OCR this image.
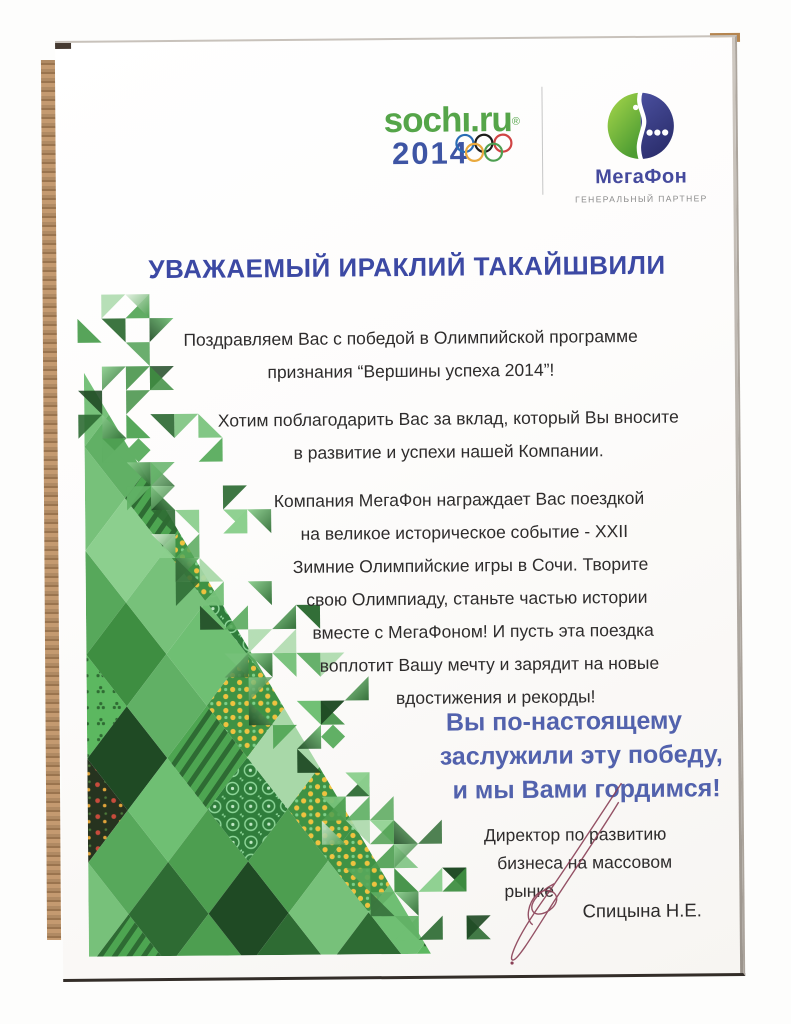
sochı.ru®
2014
МегаФон
ГЕНЕРАЛЬНЫЙ ПАРТНЕР
УВАЖАЕМЫЙ ИРАКЛИЙ ТАКАЙШВИЛИ
Поздравляем Вас с победой в Олимпийской программе
признания “Вершины успеха 2014”!
Хотим поблагодарить Вас за вклад, который Вы вносите
в развитие и успехи нашей Компании.
Компания МегаФон награждает Вас поездкой
на великое историческое событие - XXII
Зимние Олимпийские игры в Сочи. Творите
свою Олимпиаду, станьте частью истории
вместе с МегаФоном! И пусть эта поездка
воплотит Вашу мечту и зарядит на новые
вдостижения и рекорды!
Вы по-настоящему
заслужили эту победу,
и мы Вами гордимся!
Директор по развитию
бизнеса на массовом
рынке
Спицына Н.Е.
